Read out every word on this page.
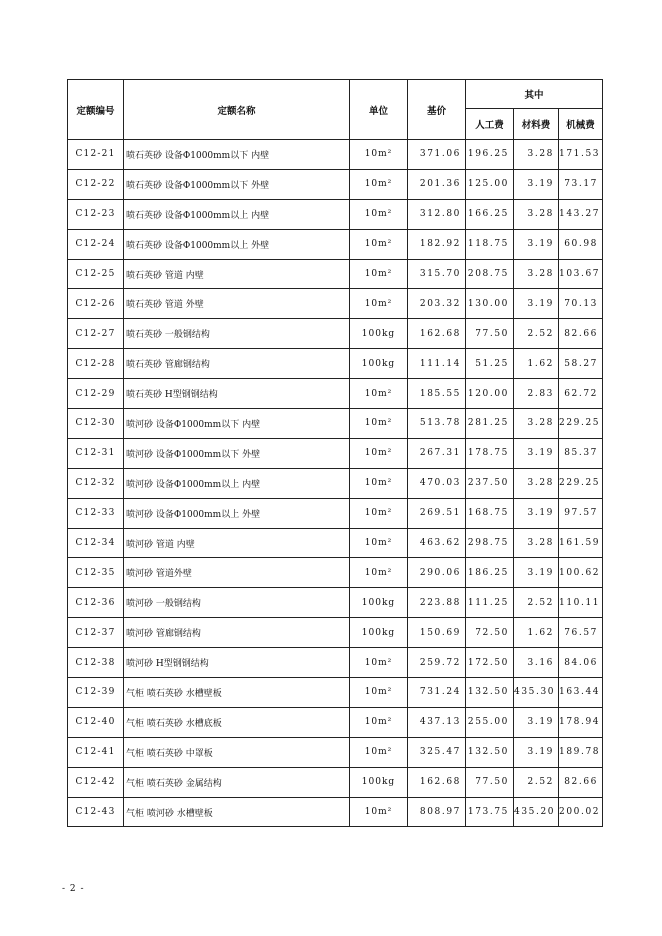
定额编号	定额名称	单位	基价	其中		
				人工费	材料费	机械费
C12-21	喷石英砂 设备Φ1000mm以下 内壁	10m²	371.06	196.25	3.28	171.53
C12-22	喷石英砂 设备Φ1000mm以下 外壁	10m²	201.36	125.00	3.19	73.17
C12-23	喷石英砂 设备Φ1000mm以上 内壁	10m²	312.80	166.25	3.28	143.27
C12-24	喷石英砂 设备Φ1000mm以上 外壁	10m²	182.92	118.75	3.19	60.98
C12-25	喷石英砂 管道 内壁	10m²	315.70	208.75	3.28	103.67
C12-26	喷石英砂 管道 外壁	10m²	203.32	130.00	3.19	70.13
C12-27	喷石英砂 一般钢结构	100kg	162.68	77.50	2.52	82.66
C12-28	喷石英砂 管廊钢结构	100kg	111.14	51.25	1.62	58.27
C12-29	喷石英砂 H型钢钢结构	10m²	185.55	120.00	2.83	62.72
C12-30	喷河砂 设备Φ1000mm以下 内壁	10m²	513.78	281.25	3.28	229.25
C12-31	喷河砂 设备Φ1000mm以下 外壁	10m²	267.31	178.75	3.19	85.37
C12-32	喷河砂 设备Φ1000mm以上 内壁	10m²	470.03	237.50	3.28	229.25
C12-33	喷河砂 设备Φ1000mm以上 外壁	10m²	269.51	168.75	3.19	97.57
C12-34	喷河砂 管道 内壁	10m²	463.62	298.75	3.28	161.59
C12-35	喷河砂 管道外壁	10m²	290.06	186.25	3.19	100.62
C12-36	喷河砂 一般钢结构	100kg	223.88	111.25	2.52	110.11
C12-37	喷河砂 管廊钢结构	100kg	150.69	72.50	1.62	76.57
C12-38	喷河砂 H型钢钢结构	10m²	259.72	172.50	3.16	84.06
C12-39	气柜 喷石英砂 水槽壁板	10m²	731.24	132.50	435.30	163.44
C12-40	气柜 喷石英砂 水槽底板	10m²	437.13	255.00	3.19	178.94
C12-41	气柜 喷石英砂 中罩板	10m²	325.47	132.50	3.19	189.78
C12-42	气柜 喷石英砂 金属结构	100kg	162.68	77.50	2.52	82.66
C12-43	气柜 喷河砂 水槽壁板	10m²	808.97	173.75	435.20	200.02
- 2 -
